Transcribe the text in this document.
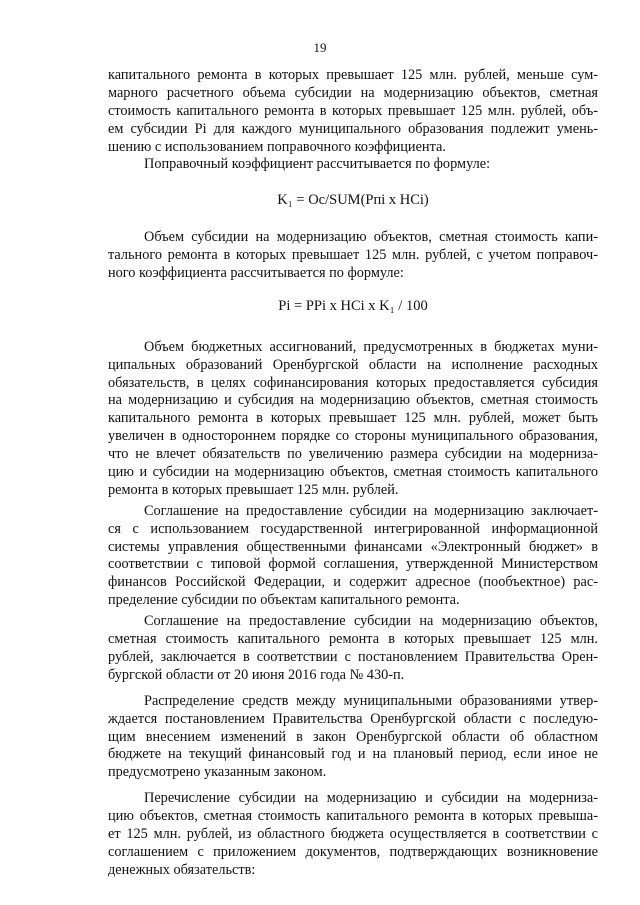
19
капитального ремонта в которых превышает 125 млн. рублей, меньше сум-
марного расчетного объема субсидии на модернизацию объектов, сметная
стоимость капитального ремонта в которых превышает 125 млн. рублей, объ-
ем субсидии Рi для каждого муниципального образования подлежит умень-
шению с использованием поправочного коэффициента.
Поправочный коэффициент рассчитывается по формуле:
K₁ = Oc/SUM(Pпi x HCi)
Объем субсидии на модернизацию объектов, сметная стоимость капи-
тального ремонта в которых превышает 125 млн. рублей, с учетом поправоч-
ного коэффициента рассчитывается по формуле:
Pi = PPi x HCi x K₁ / 100
Объем бюджетных ассигнований, предусмотренных в бюджетах муни-
ципальных образований Оренбургской области на исполнение расходных
обязательств, в целях софинансирования которых предоставляется субсидия
на модернизацию и субсидия на модернизацию объектов, сметная стоимость
капитального ремонта в которых превышает 125 млн. рублей, может быть
увеличен в одностороннем порядке со стороны муниципального образования,
что не влечет обязательств по увеличению размера субсидии на модерниза-
цию и субсидии на модернизацию объектов, сметная стоимость капитального
ремонта в которых превышает 125 млн. рублей.
Соглашение на предоставление субсидии на модернизацию заключает-
ся с использованием государственной интегрированной информационной
системы управления общественными финансами «Электронный бюджет» в
соответствии с типовой формой соглашения, утвержденной Министерством
финансов Российской Федерации, и содержит адресное (пообъектное) рас-
пределение субсидии по объектам капитального ремонта.
Соглашение на предоставление субсидии на модернизацию объектов,
сметная стоимость капитального ремонта в которых превышает 125 млн.
рублей, заключается в соответствии с постановлением Правительства Орен-
бургской области от 20 июня 2016 года № 430-п.
Распределение средств между муниципальными образованиями утвер-
ждается постановлением Правительства Оренбургской области с последую-
щим внесением изменений в закон Оренбургской области об областном
бюджете на текущий финансовый год и на плановый период, если иное не
предусмотрено указанным законом.
Перечисление субсидии на модернизацию и субсидии на модерниза-
цию объектов, сметная стоимость капитального ремонта в которых превыша-
ет 125 млн. рублей, из областного бюджета осуществляется в соответствии с
соглашением с приложением документов, подтверждающих возникновение
денежных обязательств:
